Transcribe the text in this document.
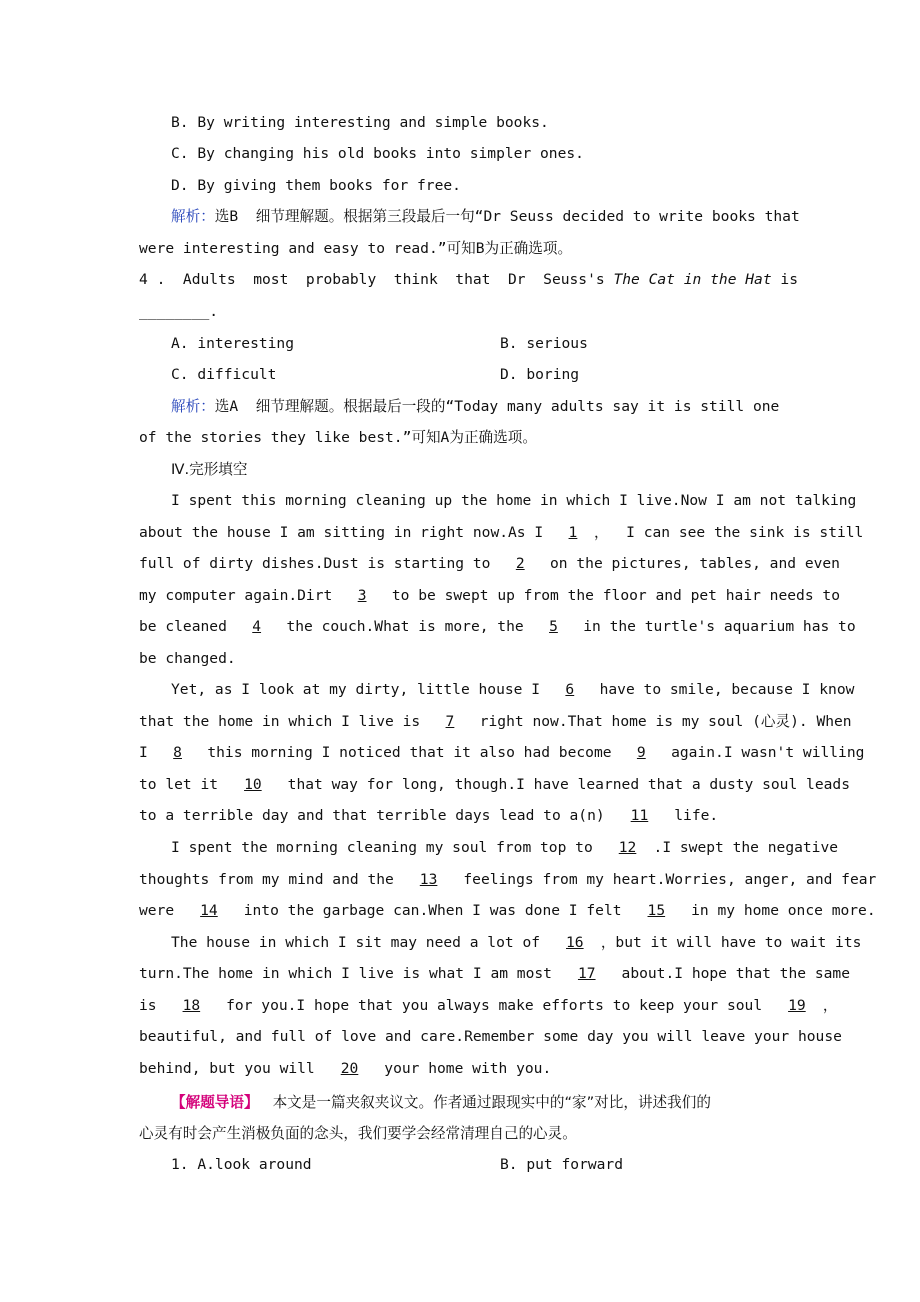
B. By writing interesting and simple books.
C. By changing his old books into simpler ones.
D. By giving them books for free.
解析：选B  细节理解题。根据第三段最后一句“Dr Seuss decided to write books that
were interesting and easy to read.”可知B为正确选项。
4 .  Adults  most  probably  think  that  Dr  Seuss's The Cat in the Hat is
________.
A. interesting	B. serious
C. difficult	D. boring
解析：选A  细节理解题。根据最后一段的“Today many adults say it is still one
of the stories they like best.”可知A为正确选项。
Ⅳ.完形填空
I spent this morning cleaning up the home in which I live.Now I am not talking
about the house I am sitting in right now.As I 1 ，  I can see the sink is still
full of dirty dishes.Dust is starting to 2 on the pictures, tables, and even
my computer again.Dirt 3 to be swept up from the floor and pet hair needs to
be cleaned 4 the couch.What is more, the 5 in the turtle's aquarium has to
be changed.
Yet, as I look at my dirty, little house I 6 have to smile, because I know
that the home in which I live is 7 right now.That home is my soul (心灵). When
I 8 this morning I noticed that it also had become 9 again.I wasn't willing
to let it 10 that way for long, though.I have learned that a dusty soul leads
to a terrible day and that terrible days lead to a(n) 11 life.
I spent the morning cleaning my soul from top to 12 .I swept the negative
thoughts from my mind and the 13 feelings from my heart.Worries, anger, and fear
were 14 into the garbage can.When I was done I felt 15 in my home once more.
The house in which I sit may need a lot of 16 ，but it will have to wait its
turn.The home in which I live is what I am most 17 about.I hope that the same
is 18 for you.I hope that you always make efforts to keep your soul 19 ，
beautiful, and full of love and care.Remember some day you will leave your house
behind, but you will 20 your home with you.
【解题导语】 本文是一篇夹叙夹议文。作者通过跟现实中的“家”对比，讲述我们的
心灵有时会产生消极负面的念头，我们要学会经常清理自己的心灵。
1. A.look around	B. put forward
